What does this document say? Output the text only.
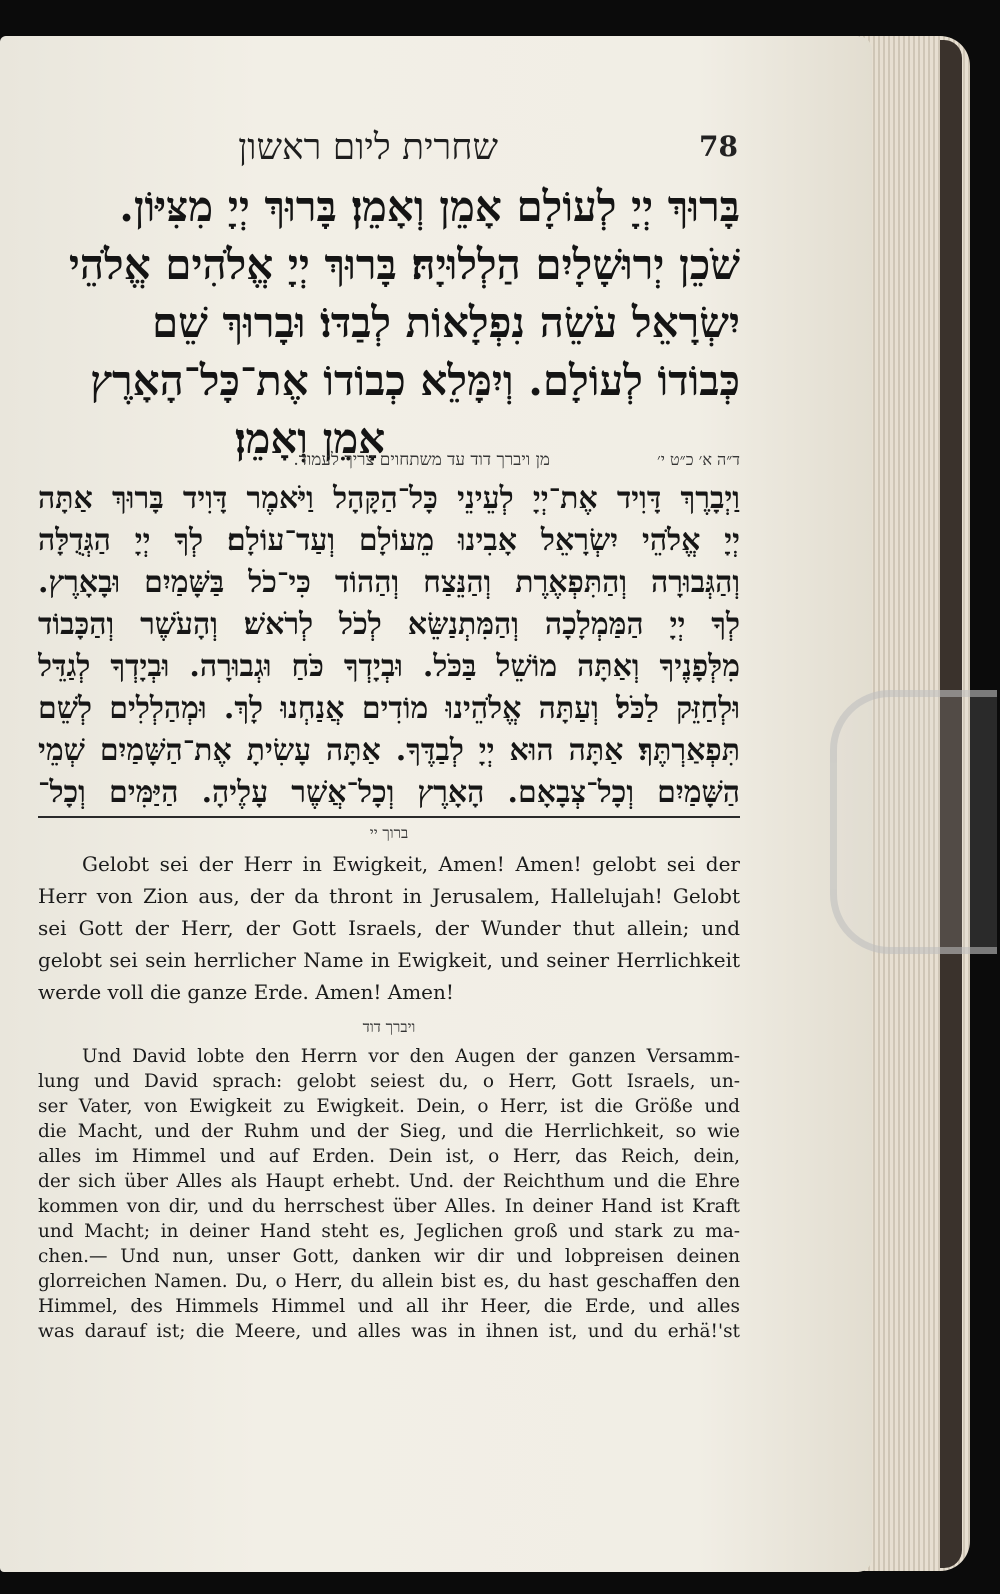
שחרית ליום ראשון	78
בָּרוּךְ יְיָ לְעוֹלָם אָמֵן וְאָמֵן׃ בָּרוּךְ יְיָ מִצִּיּוֹן.
שֹׁכֵן יְרוּשָׁלָיִם הַלְלוּיָהּ׃ בָּרוּךְ יְיָ אֱלֹהִים אֱלֹהֵי
יִשְׂרָאֵל עֹשֵׂה נִפְלָאוֹת לְבַדּוֹ׃ וּבָרוּךְ שֵׁם
כְּבוֹדוֹ לְעוֹלָם. וְיִמָּלֵא כְבוֹדוֹ אֶת־כָּל־הָאָרֶץ
אָמֵן וְאָמֵן׃	ד״ה א׳ כ״ט י׳
מן ויברך דוד עד משתחוים צריך לעמוד.
וַיְבָרֶךְ דָּוִיד אֶת־יְיָ לְעֵינֵי כָּל־הַקָּהָל וַיֹּאמֶר דָּוִיד בָּרוּךְ אַתָּה
יְיָ אֱלֹהֵי יִשְׂרָאֵל אָבִינוּ מֵעוֹלָם וְעַד־עוֹלָם׃ לְךָ יְיָ הַגְּדֻלָּה
וְהַגְּבוּרָה וְהַתִּפְאֶרֶת וְהַנֵּצַח וְהַהוֹד כִּי־כֹל בַּשָּׁמַיִם וּבָאָרֶץ.
לְךָ יְיָ הַמַּמְלָכָה וְהַמִּתְנַשֵּׂא לְכֹל לְרֹאשׁ׃ וְהָעֹשֶׁר וְהַכָּבוֹד
מִלְּפָנֶיךָ וְאַתָּה מוֹשֵׁל בַּכֹּל. וּבְיָדְךָ כֹּחַ וּגְבוּרָה. וּבְיָדְךָ לְגַדֵּל
וּלְחַזֵּק לַכֹּל׃ וְעַתָּה אֱלֹהֵינוּ מוֹדִים אֲנַחְנוּ לָךְ. וּמְהַלְלִים לְשֵׁם
תִּפְאַרְתֶּךָ׃ אַתָּה הוּא יְיָ לְבַדֶּךָ. אַתָּה עָשִׂיתָ אֶת־הַשָּׁמַיִם שְׁמֵי
הַשָּׁמַיִם וְכָל־צְבָאָם. הָאָרֶץ וְכָל־אֲשֶׁר עָלֶיהָ. הַיַּמִּים וְכָל־
ברוך יי
Gelobt sei der Herr in Ewigkeit, Amen! Amen! gelobt sei der
Herr von Zion aus, der da thront in Jerusalem, Hallelujah! Gelobt
sei Gott der Herr, der Gott Israels, der Wunder thut allein; und
gelobt sei sein herrlicher Name in Ewigkeit, und seiner Herrlichkeit
werde voll die ganze Erde. Amen! Amen!
ויברך דוד
Und David lobte den Herrn vor den Augen der ganzen Versamm-
lung und David sprach: gelobt seiest du, o Herr, Gott Israels, un-
ser Vater, von Ewigkeit zu Ewigkeit. Dein, o Herr, ist die Größe und
die Macht, und der Ruhm und der Sieg, und die Herrlichkeit, so wie
alles im Himmel und auf Erden. Dein ist, o Herr, das Reich, dein,
der sich über Alles als Haupt erhebt. Und. der Reichthum und die Ehre
kommen von dir, und du herrschest über Alles. In deiner Hand ist Kraft
und Macht; in deiner Hand steht es, Jeglichen groß und stark zu ma-
chen.— Und nun, unser Gott, danken wir dir und lobpreisen deinen
glorreichen Namen. Du, o Herr, du allein bist es, du hast geschaffen den
Himmel, des Himmels Himmel und all ihr Heer, die Erde, und alles
was darauf ist; die Meere, und alles was in ihnen ist, und du erhä!'st
